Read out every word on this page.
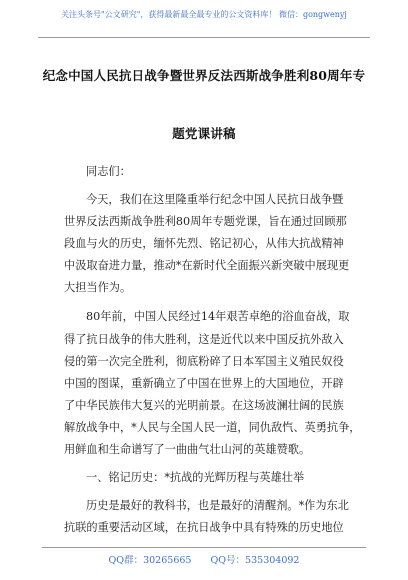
关注头条号"公文研究"，获得最新最全最专业的公文资料库！ 微信：gongwenyj
纪念中国人民抗日战争暨世界反法西斯战争胜利80周年专
题党课讲稿
同志们：
今天，我们在这里隆重举行纪念中国人民抗日战争暨
世界反法西斯战争胜利80周年专题党课，旨在通过回顾那
段血与火的历史，缅怀先烈、铭记初心，从伟大抗战精神
中汲取奋进力量，推动*在新时代全面振兴新突破中展现更
大担当作为。
80年前，中国人民经过14年艰苦卓绝的浴血奋战，取
得了抗日战争的伟大胜利，这是近代以来中国反抗外敌入
侵的第一次完全胜利，彻底粉碎了日本军国主义殖民奴役
中国的图谋，重新确立了中国在世界上的大国地位，开辟
了中华民族伟大复兴的光明前景。在这场波澜壮阔的民族
解放战争中，*人民与全国人民一道，同仇敌忾、英勇抗争，
用鲜血和生命谱写了一曲曲气壮山河的英雄赞歌。
一、铭记历史：*抗战的光辉历程与英雄壮举
历史是最好的教科书，也是最好的清醒剂。*作为东北
抗联的重要活动区域，在抗日战争中具有特殊的历史地位
QQ群：30265665 QQ号：535304092
